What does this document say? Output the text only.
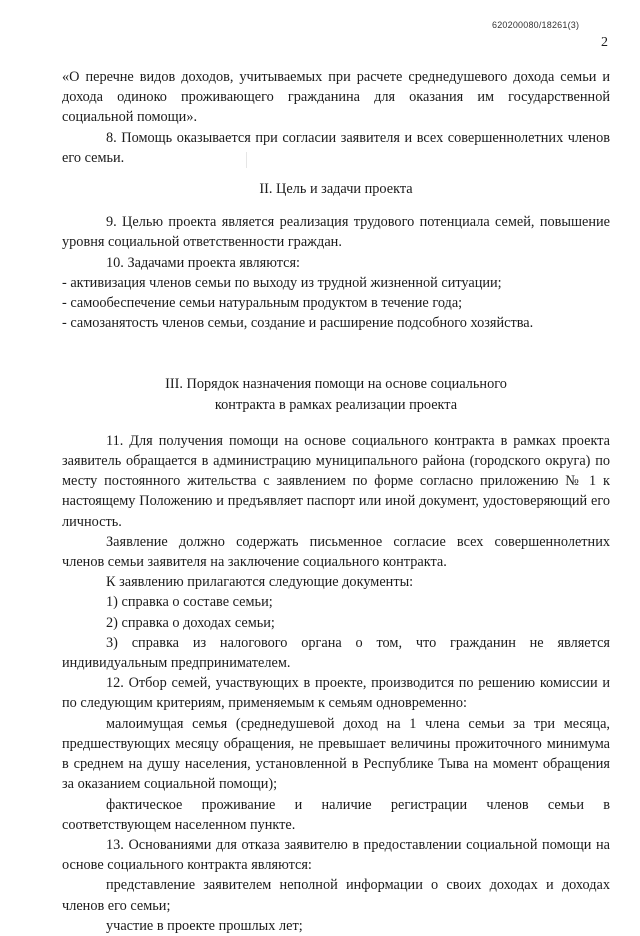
620200080/18261(3)
2

«О перечне видов доходов, учитываемых при расчете среднедушевого дохода семьи и дохода одиноко проживающего гражданина для оказания им государственной социальной помощи».

8. Помощь оказывается при согласии заявителя и всех совершеннолетних членов его семьи.

II. Цель и задачи проекта

9. Целью проекта является реализация трудового потенциала семей, повышение уровня социальной ответственности граждан.

10. Задачами проекта являются:

- активизация членов семьи по выходу из трудной жизненной ситуации;

- самообеспечение семьи натуральным продуктом в течение года;

- самозанятость членов семьи, создание и расширение подсобного хозяйства.

III. Порядок назначения помощи на основе социального

контракта в рамках реализации проекта

11. Для получения помощи на основе социального контракта в рамках проекта заявитель обращается в администрацию муниципального района (городского округа) по месту постоянного жительства с заявлением по форме согласно приложению № 1 к настоящему Положению и предъявляет паспорт или иной документ, удостоверяющий его личность.

Заявление должно содержать письменное согласие всех совершеннолетних членов семьи заявителя на заключение социального контракта.

К заявлению прилагаются следующие документы:

1) справка о составе семьи;

2) справка о доходах семьи;

3) справка из налогового органа о том, что гражданин не является индивидуальным предпринимателем.

12. Отбор семей, участвующих в проекте, производится по решению комиссии и по следующим критериям, применяемым к семьям одновременно:

малоимущая семья (среднедушевой доход на 1 члена семьи за три месяца, предшествующих месяцу обращения, не превышает величины прожиточного минимума в среднем на душу населения, установленной в Республике Тыва на момент обращения за оказанием социальной помощи);

фактическое проживание и наличие регистрации членов семьи в соответствующем населенном пункте.

13. Основаниями для отказа заявителю в предоставлении социальной помощи на основе социального контракта являются:

представление заявителем неполной информации о своих доходах и доходах членов его семьи;

участие в проекте прошлых лет;
